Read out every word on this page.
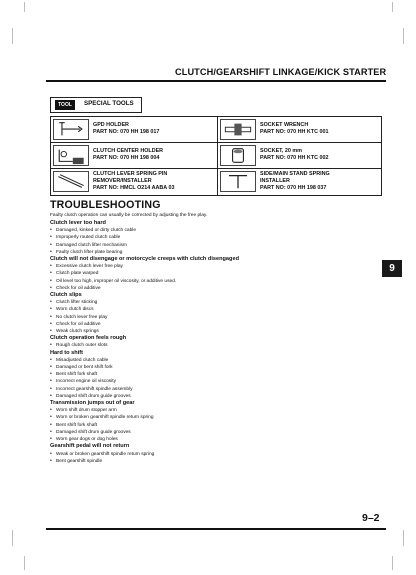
CLUTCH/GEARSHIFT LINKAGE/KICK STARTER
TOOL	SPECIAL TOOLS
GPD HOLDER
PART NO: 070 HH 198 017
SOCKET WRENCH
PART NO: 070 HH KTC 001
CLUTCH CENTER HOLDER
PART NO: 070 HH 198 004
SOCKET, 20 mm
PART NO: 070 HH KTC 002
CLUTCH LEVER SPRING PIN
REMOVER/INSTALLER
PART NO: HMCL O214 AABA 03
SIDE/MAIN STAND SPRING
INSTALLER
PART NO: 070 HH 198 037
TROUBLESHOOTING
Faulty clutch operation can usually be corrected by adjusting the free play.
Clutch lever too hard
• Damaged, kinked or dirty clutch cable
• Improperly routed clutch cable
• Damaged clutch lifter mechanism
• Faulty clutch lifter plate bearing
Clutch will not disengage or motorcycle creeps with clutch disengaged
• Excessive clutch lever free play
• Clutch plate warped
• Oil level too high, improper oil viscosity, or additive used.
• Check for oil additive
Clutch slips
• Clutch lifter sticking
• Worn clutch discs
• No clutch lever free play
• Check for oil additive
• Weak clutch springs
Clutch operation feels rough
• Rough clutch outer slots
Hard to shift
• Misadjusted clutch cable
• Damaged or bent shift fork
• Bent shift fork shaft
• Incorrect engine oil viscosity
• Incorrect gearshift spindle assembly
• Damaged shift drum guide grooves
Transmission jumps out of gear
• Worn shift drum stopper arm
• Worn or broken gearshift spindle return spring
• Bent shift fork shaft
• Damaged shift drum guide grooves
• Worn gear dogs or dog holes
Gearshift pedal will not return
• Weak or broken gearshift spindle return spring
• Bent gearshift spindle
9
9–2
